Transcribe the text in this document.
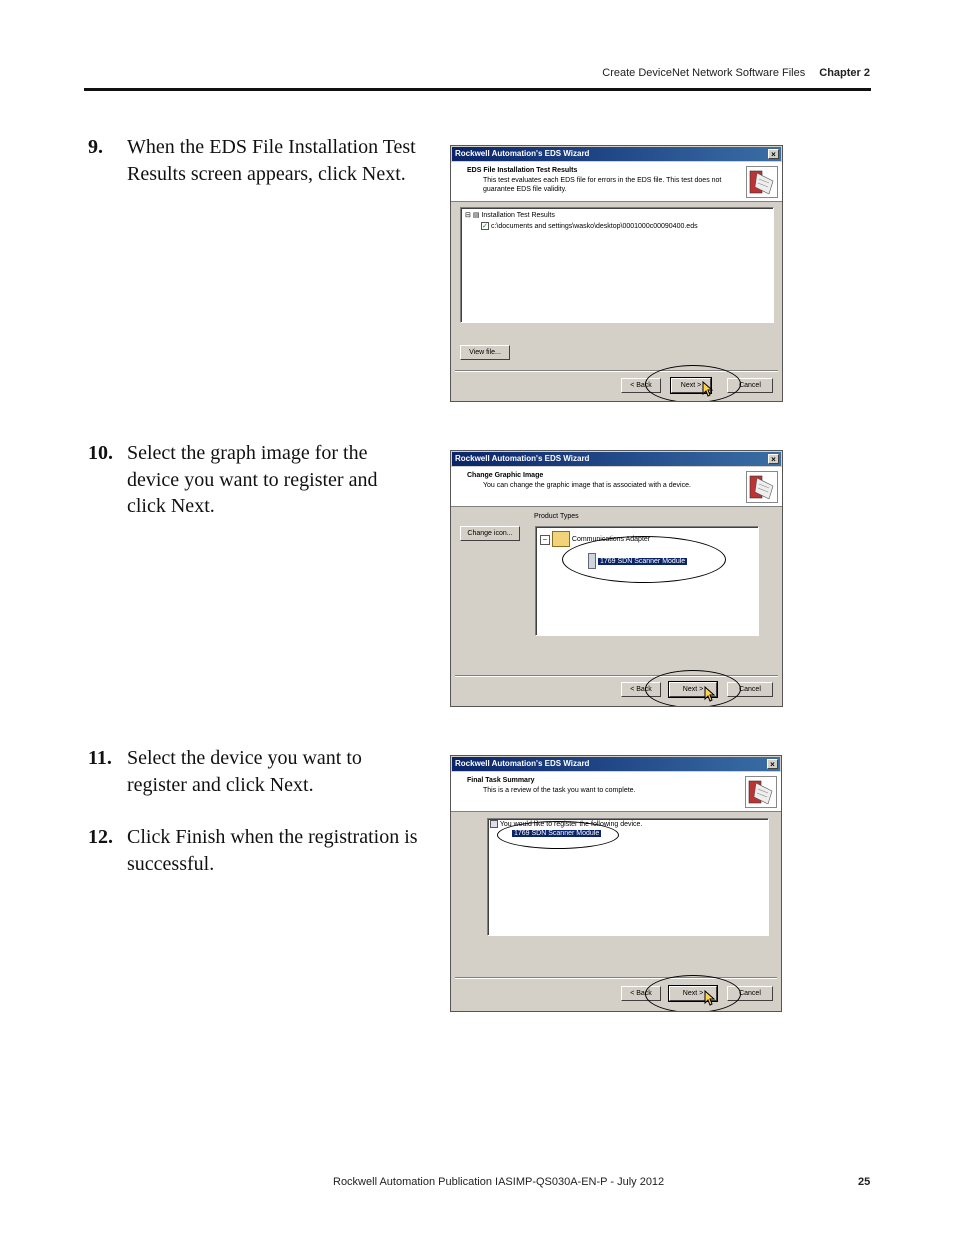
Create DeviceNet Network Software Files Chapter 2
9. When the EDS File Installation Test Results screen appears, click Next.
10. Select the graph image for the device you want to register and click Next.
11. Select the device you want to register and click Next.
12. Click Finish when the registration is successful.
Rockwell Automation's EDS Wizard	×
EDS File Installation Test Results
This test evaluates each EDS file for errors in the EDS file. This test does not guarantee EDS file validity.
⊟ ▤ Installation Test Results
✓ c:\documents and settings\wasko\desktop\0001000c00090400.eds
View file...
< Back	Next >	Cancel
Rockwell Automation's EDS Wizard	×
Change Graphic Image
You can change the graphic image that is associated with a device.
Change icon...
Product Types
–	Communications Adapter
1769 SDN Scanner Module
< Back	Next >	Cancel
Rockwell Automation's EDS Wizard	×
Final Task Summary
This is a review of the task you want to complete.
You would like to register the following device.
1769 SDN Scanner Module
< Back	Next >	Cancel
Rockwell Automation Publication IASIMP-QS030A-EN-P - July 2012	25
